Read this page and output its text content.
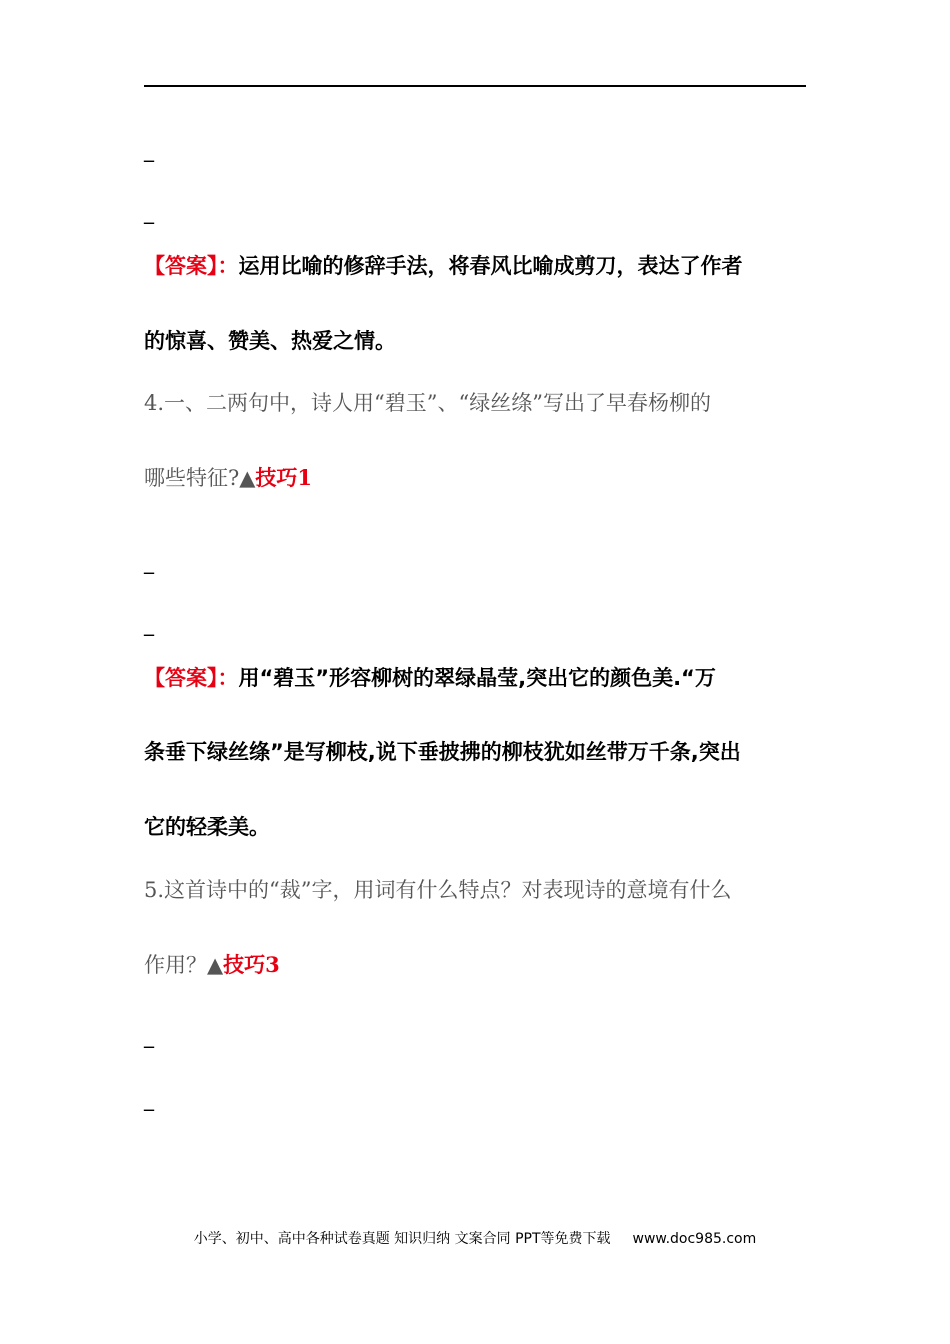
_
_
【答案】：运用比喻的修辞手法，将春风比喻成剪刀，表达了作者
的惊喜、赞美、热爱之情。
4.一、二两句中，诗人用“碧玉”、“绿丝绦”写出了早春杨柳的
哪些特征?▲技巧1
_
_
【答案】：用“碧玉”形容柳树的翠绿晶莹,突出它的颜色美.“万
条垂下绿丝绦”是写柳枝,说下垂披拂的柳枝犹如丝带万千条,突出
它的轻柔美。
5.这首诗中的“裁”字，用词有什么特点？对表现诗的意境有什么
作用？▲技巧3
_
_
小学、初中、高中各种试卷真题 知识归纳 文案合同 PPT等免费下载 www.doc985.com
